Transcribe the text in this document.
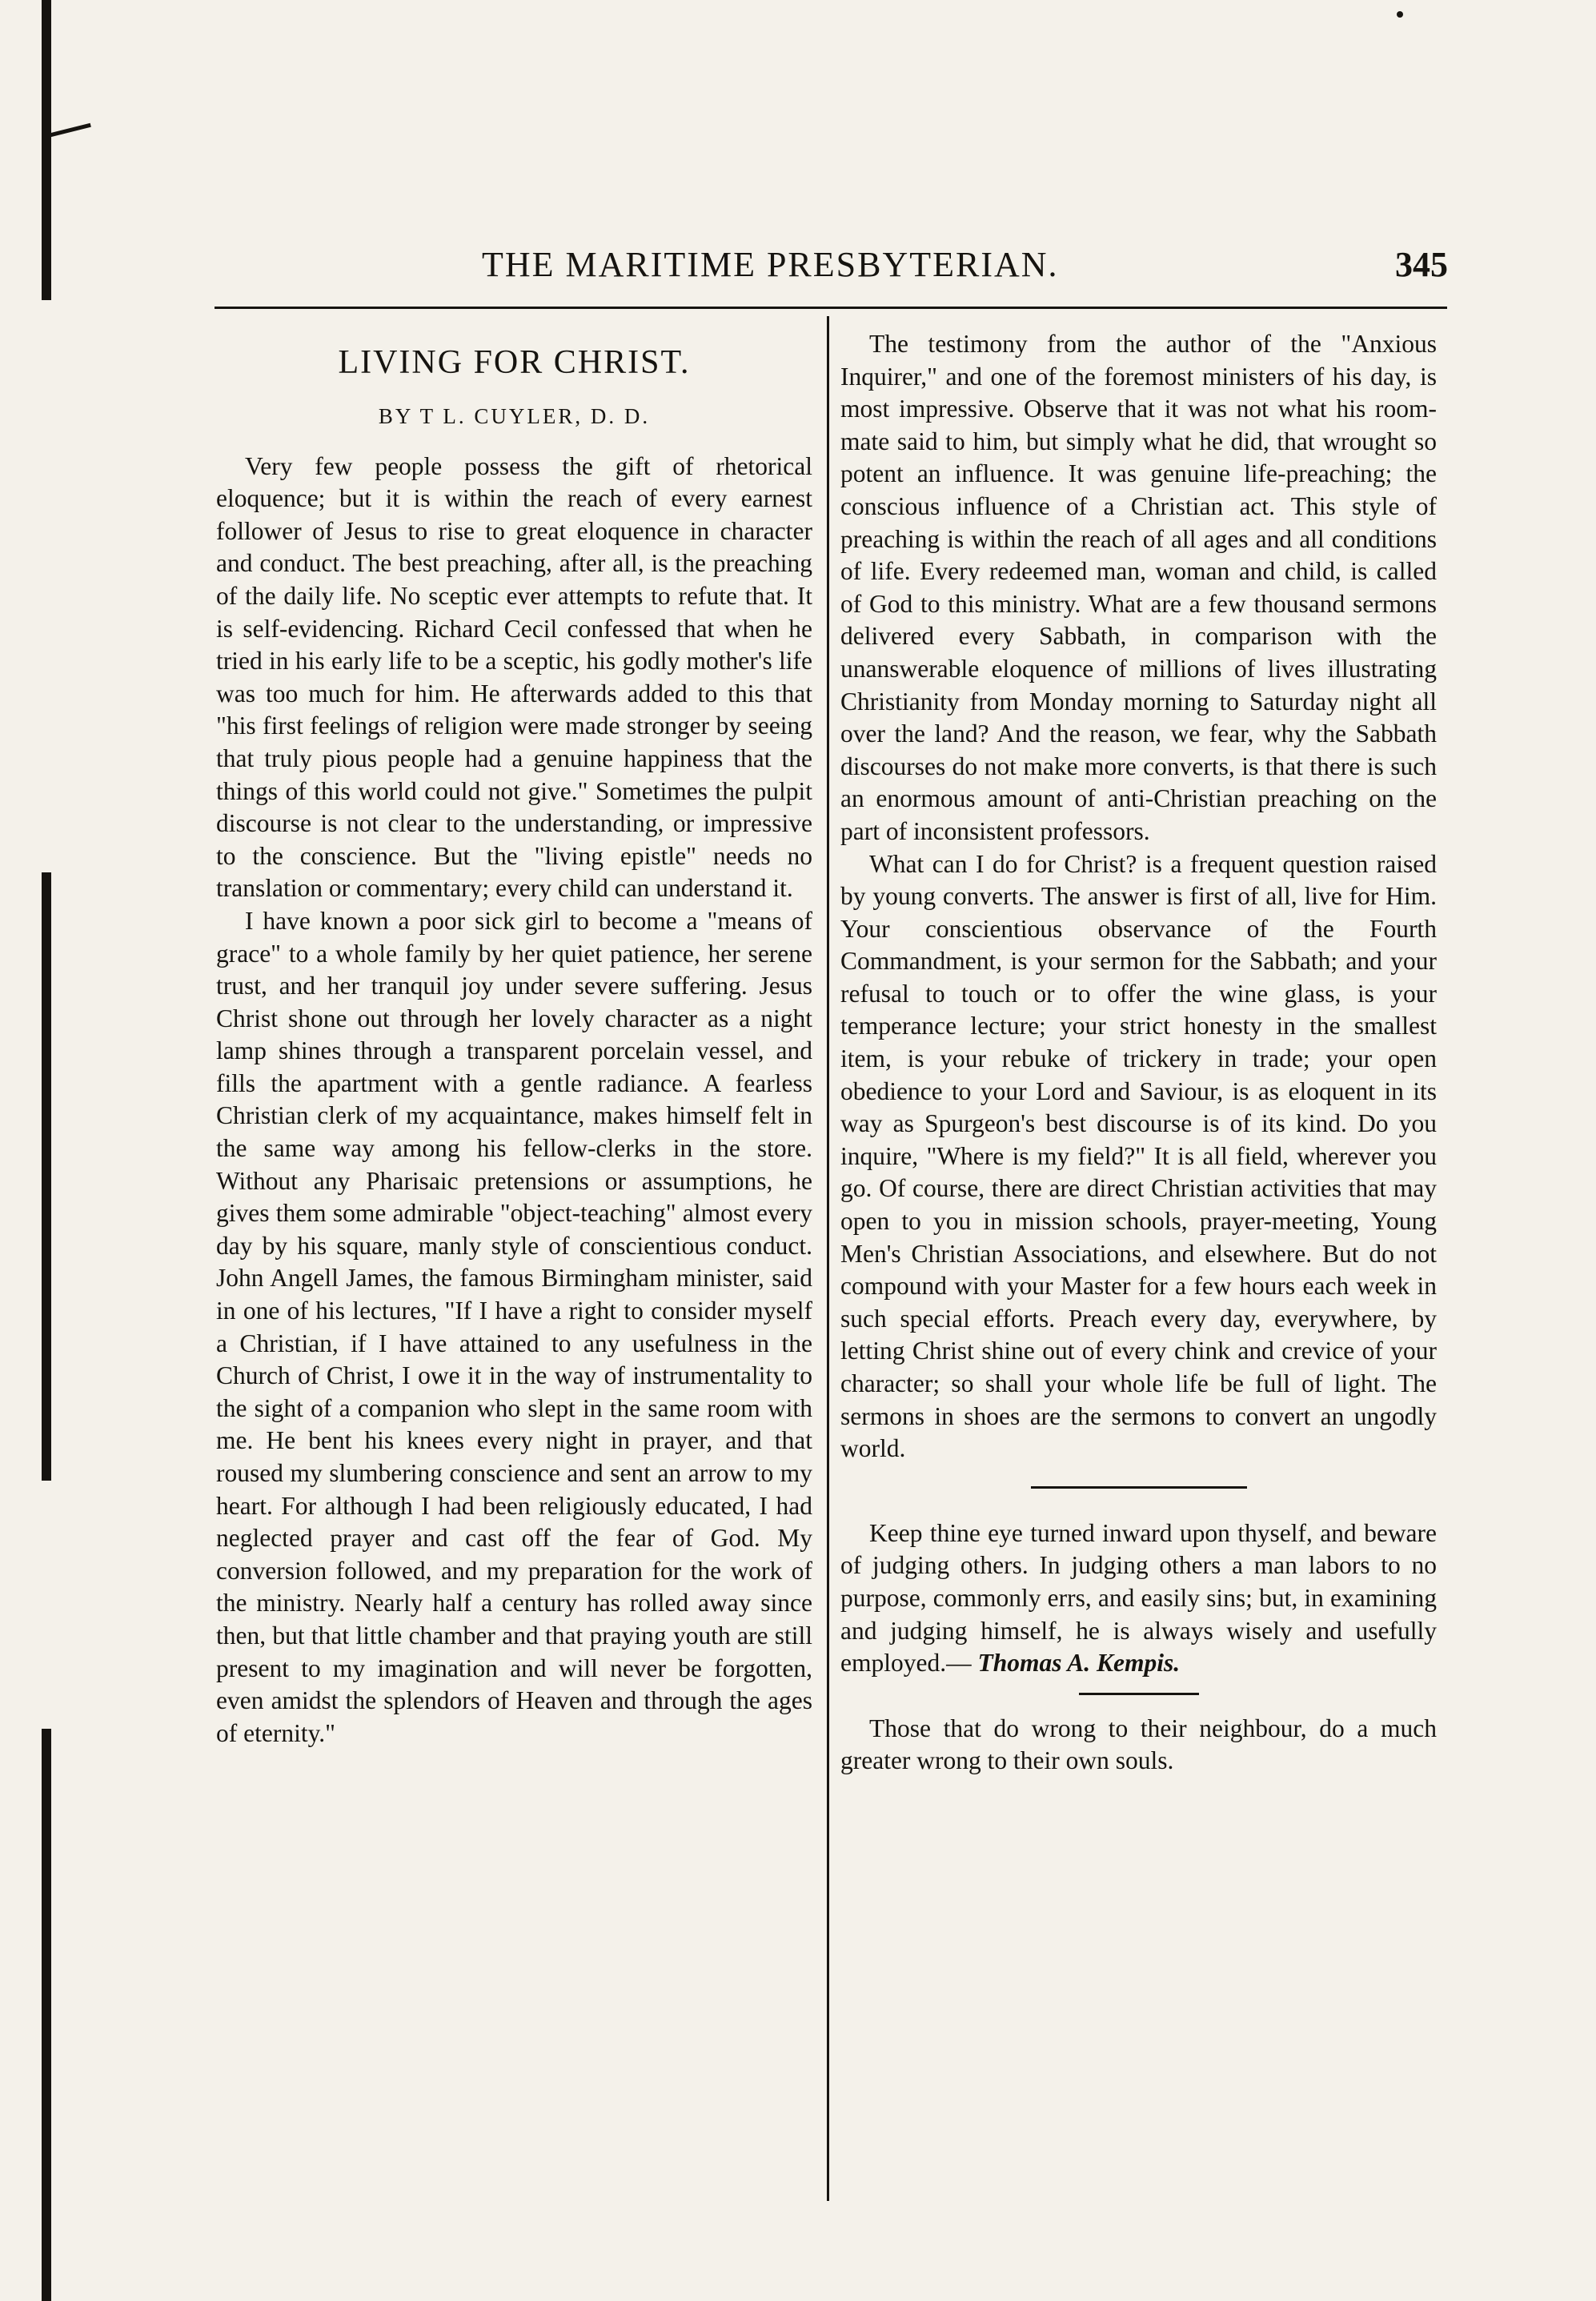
THE MARITIME PRESBYTERIAN.	345
LIVING FOR CHRIST.
BY T L. CUYLER, D. D.

Very few people possess the gift of rhetorical eloquence; but it is within the reach of every earnest follower of Jesus to rise to great eloquence in character and conduct. The best preaching, after all, is the preaching of the daily life. No sceptic ever attempts to refute that. It is self-evidencing. Richard Cecil confessed that when he tried in his early life to be a sceptic, his godly mother's life was too much for him. He afterwards added to this that "his first feelings of religion were made stronger by seeing that truly pious people had a genuine happiness that the things of this world could not give." Sometimes the pulpit discourse is not clear to the understanding, or impressive to the conscience. But the "living epistle" needs no translation or commentary; every child can understand it.

I have known a poor sick girl to become a "means of grace" to a whole family by her quiet patience, her serene trust, and her tranquil joy under severe suffering. Jesus Christ shone out through her lovely character as a night lamp shines through a transparent porcelain vessel, and fills the apartment with a gentle radiance. A fearless Christian clerk of my acquaintance, makes himself felt in the same way among his fellow-clerks in the store. Without any Pharisaic pretensions or assumptions, he gives them some admirable "object-teaching" almost every day by his square, manly style of conscientious conduct. John Angell James, the famous Birmingham minister, said in one of his lectures, "If I have a right to consider myself a Christian, if I have attained to any usefulness in the Church of Christ, I owe it in the way of instrumentality to the sight of a companion who slept in the same room with me. He bent his knees every night in prayer, and that roused my slumbering conscience and sent an arrow to my heart. For although I had been religiously educated, I had neglected prayer and cast off the fear of God. My conversion followed, and my preparation for the work of the ministry. Nearly half a century has rolled away since then, but that little chamber and that praying youth are still present to my imagination and will never be forgotten, even amidst the splendors of Heaven and through the ages of eternity."

The testimony from the author of the "Anxious Inquirer," and one of the foremost ministers of his day, is most impressive. Observe that it was not what his room-mate said to him, but simply what he did, that wrought so potent an influence. It was genuine life-preaching; the conscious influence of a Christian act. This style of preaching is within the reach of all ages and all conditions of life. Every redeemed man, woman and child, is called of God to this ministry. What are a few thousand sermons delivered every Sabbath, in comparison with the unanswerable eloquence of millions of lives illustrating Christianity from Monday morning to Saturday night all over the land? And the reason, we fear, why the Sabbath discourses do not make more converts, is that there is such an enormous amount of anti-Christian preaching on the part of inconsistent professors.

What can I do for Christ? is a frequent question raised by young converts. The answer is first of all, live for Him. Your conscientious observance of the Fourth Commandment, is your sermon for the Sabbath; and your refusal to touch or to offer the wine glass, is your temperance lecture; your strict honesty in the smallest item, is your rebuke of trickery in trade; your open obedience to your Lord and Saviour, is as eloquent in its way as Spurgeon's best discourse is of its kind. Do you inquire, "Where is my field?" It is all field, wherever you go. Of course, there are direct Christian activities that may open to you in mission schools, prayer-meeting, Young Men's Christian Associations, and elsewhere. But do not compound with your Master for a few hours each week in such special efforts. Preach every day, everywhere, by letting Christ shine out of every chink and crevice of your character; so shall your whole life be full of light. The sermons in shoes are the sermons to convert an ungodly world.

Keep thine eye turned inward upon thyself, and beware of judging others. In judging others a man labors to no purpose, commonly errs, and easily sins; but, in examining and judging himself, he is always wisely and usefully employed.— Thomas A. Kempis.

Those that do wrong to their neighbour, do a much greater wrong to their own souls.
